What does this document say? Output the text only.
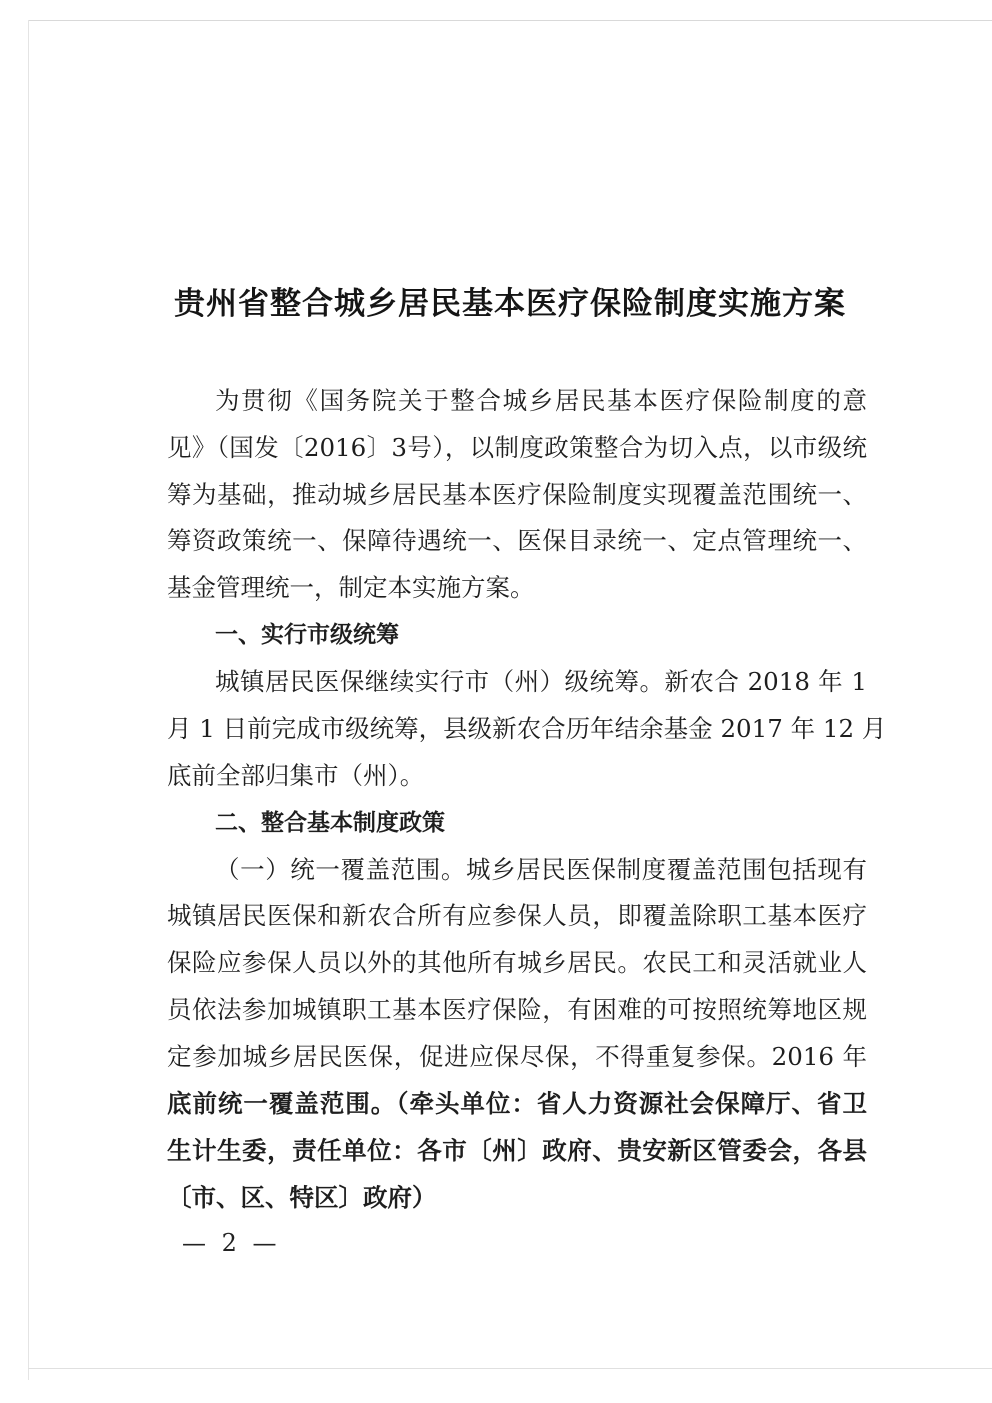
贵州省整合城乡居民基本医疗保险制度实施方案
为贯彻《国务院关于整合城乡居民基本医疗保险制度的意
见》（国发〔2016〕3号），以制度政策整合为切入点，以市级统
筹为基础，推动城乡居民基本医疗保险制度实现覆盖范围统一、
筹资政策统一、保障待遇统一、医保目录统一、定点管理统一、
基金管理统一，制定本实施方案。
一、实行市级统筹
城镇居民医保继续实行市（州）级统筹。新农合 2018 年 1
月 1 日前完成市级统筹，县级新农合历年结余基金 2017 年 12 月
底前全部归集市（州）。
二、整合基本制度政策
（一）统一覆盖范围。城乡居民医保制度覆盖范围包括现有
城镇居民医保和新农合所有应参保人员，即覆盖除职工基本医疗
保险应参保人员以外的其他所有城乡居民。农民工和灵活就业人
员依法参加城镇职工基本医疗保险，有困难的可按照统筹地区规
定参加城乡居民医保，促进应保尽保，不得重复参保。2016 年
底前统一覆盖范围。（牵头单位：省人力资源社会保障厅、省卫
生计生委，责任单位：各市〔州〕政府、贵安新区管委会，各县
〔市、区、特区〕政府）
— 2 —
